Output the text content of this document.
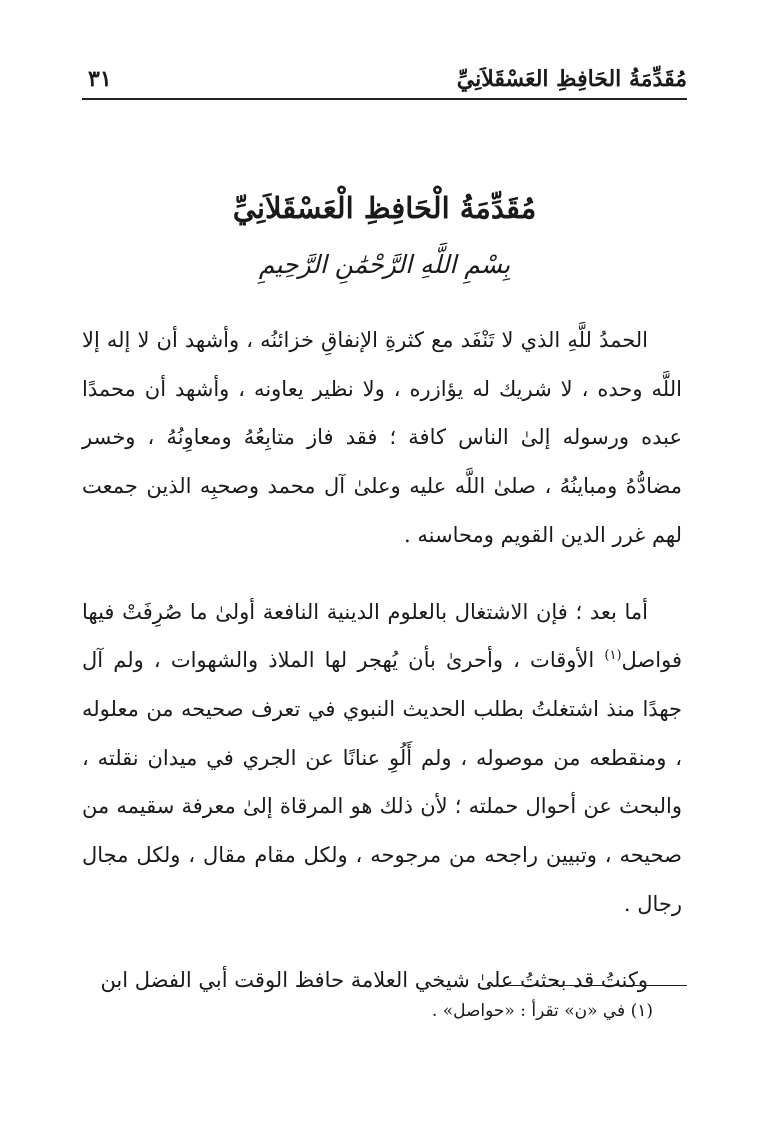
مُقَدِّمَةُ الحَافِظِ العَسْقَلاَنِيِّ
٣١
مُقَدِّمَةُ الْحَافِظِ الْعَسْقَلاَنِيِّ
بِسْمِ اللَّهِ الرَّحْمَٰنِ الرَّحِيمِ

الحمدُ للَّهِ الذي لا تَنْفَد مع كثرةِ الإنفاقِ خزائنُه ، وأشهد أن لا إله إلا اللَّه وحده ، لا شريك له يؤازره ، ولا نظير يعاونه ، وأشهد أن محمدًا عبده ورسوله إلىٰ الناس كافة ؛ فقد فاز متابِعُهُ ومعاوِنُهُ ، وخسر مضادُّهُ ومباينُهُ ، صلىٰ اللَّه عليه وعلىٰ آل محمد وصحبِه الذين جمعت لهم غرر الدين القويم ومحاسنه .

أما بعد ؛ فإن الاشتغال بالعلوم الدينية النافعة أولىٰ ما صُرِفَتْ فيها فواصل$^{(١)}$ الأوقات ، وأحرىٰ بأن يُهجر لها الملاذ والشهوات ، ولم آل جهدًا منذ اشتغلتُ بطلب الحديث النبوي في تعرف صحيحه من معلوله ، ومنقطعه من موصوله ، ولم أَلُوِ عنانًا عن الجري في ميدان نقلته ، والبحث عن أحوال حملته ؛ لأن ذلك هو المرقاة إلىٰ معرفة سقيمه من صحيحه ، وتبيين راجحه من مرجوحه ، ولكل مقام مقال ، ولكل مجال رجال .

وكنتُ قد بحثتُ علىٰ شيخي العلامة حافظ الوقت أبي الفضل ابن

(١) في «ن» تقرأ : «حواصل» .
